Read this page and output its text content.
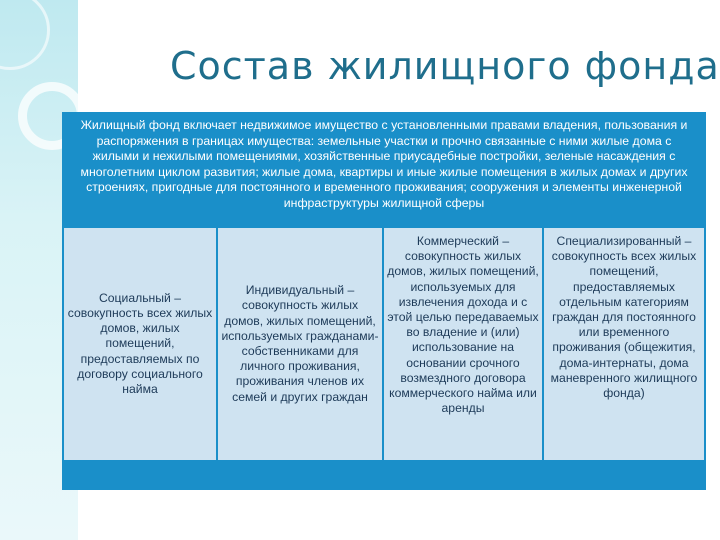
Состав жилищного фонда
Жилищный фонд включает недвижимое имущество с установленными правами владения, пользования и распоряжения в границах имущества: земельные участки и прочно связанные с ними жилые дома с жилыми и нежилыми помещениями, хозяйственные приусадебные постройки, зеленые насаждения с многолетним циклом развития; жилые дома, квартиры и иные жилые помещения в жилых домах и других строениях, пригодные для постоянного и временного проживания; сооружения и элементы инженерной инфраструктуры жилищной сферы
Социальный – совокупность всех жилых домов, жилых помещений, предоставляемых по договору социального найма
Индивидуальный – совокупность жилых домов, жилых помещений, используемых гражданами-собственниками для личного проживания, проживания членов их семей и других граждан
Коммерческий – совокупность жилых домов, жилых помещений, используемых для извлечения дохода и с этой целью передаваемых во владение и (или) использование на основании срочного возмездного договора коммерческого найма или аренды
Специализированный – совокупность всех жилых помещений, предоставляемых отдельным категориям граждан для постоянного или временного проживания (общежития, дома-интернаты, дома маневренного жилищного фонда)
